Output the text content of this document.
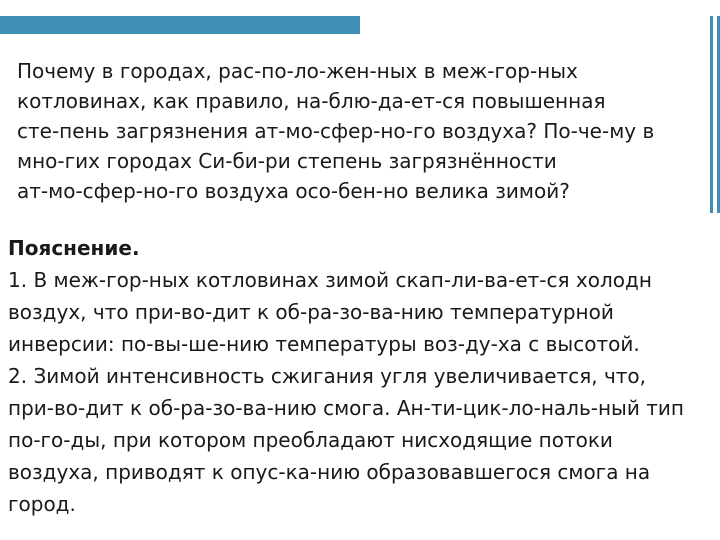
Почему в городах, рас-по-ло-жен-ных в меж-гор-ных
котловинах, как правило, на-блю-да-ет-ся повышенная
сте-пень загрязнения ат-мо-сфер-но-го воздуха? По-че-му в
мно-гих городах Си-би-ри степень загрязнённости
ат-мо-сфер-но-го воздуха осо-бен-но велика зимой?
Пояснение.
1. В меж-гор-ных котловинах зимой скап-ли-ва-ет-ся холодн
воздух, что при-во-дит к об-ра-зо-ва-нию температурной
инверсии: по-вы-ше-нию температуры воз-ду-ха с высотой.
2. Зимой интенсивность сжигания угля увеличивается, что,
при-во-дит к об-ра-зо-ва-нию смога. Ан-ти-цик-ло-наль-ный тип
по-го-ды, при котором преобладают нисходящие потоки
воздуха, приводят к опус-ка-нию образовавшегося смога на
город.
